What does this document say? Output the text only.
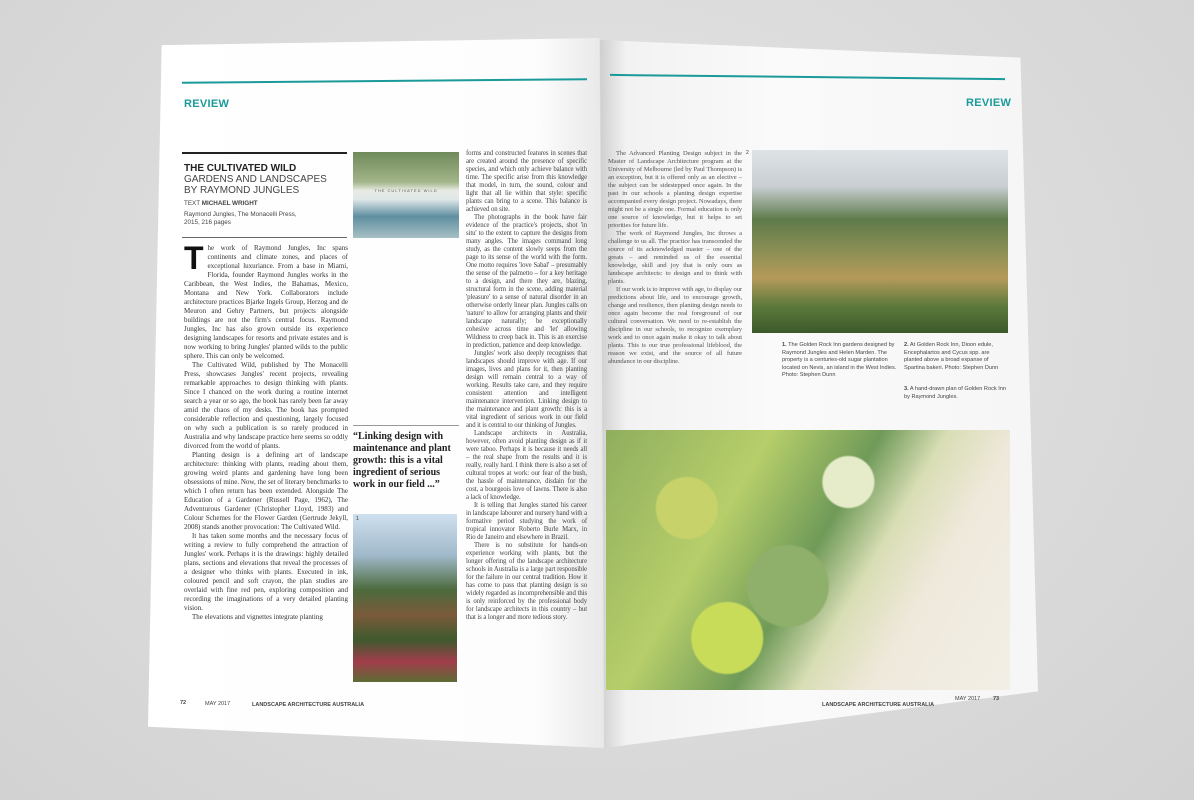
REVIEW	REVIEW
THE CULTIVATED WILD
GARDENS AND LANDSCAPES
BY RAYMOND JUNGLES
TEXT MICHAEL WRIGHT
Raymond Jungles, The Monacelli Press, 2015, 216 pages
T he work of Raymond Jungles, Inc spans continents and climate zones, and places of exceptional luxuriance. From a base in Miami, Florida, founder Raymond Jungles works in the Caribbean, the West Indies, the Bahamas, Mexico, Montana and New York. Collaborators include architecture practices Bjarke Ingels Group, Herzog and de Meuron and Gehry Partners, but projects alongside buildings are not the firm's central focus. Raymond Jungles, Inc has also grown outside its experience designing landscapes for resorts and private estates and is now working to bring Jungles' planted wilds to the public sphere. This can only be welcomed.

The Cultivated Wild, published by The Monacelli Press, showcases Jungles' recent projects, revealing remarkable approaches to design thinking with plants. Since I chanced on the work during a routine internet search a year or so ago, the book has rarely been far away amid the chaos of my desks. The book has prompted considerable reflection and questioning, largely focused on why such a publication is so rarely produced in Australia and why landscape practice here seems so oddly divorced from the world of plants.

Planting design is a defining art of landscape architecture: thinking with plants, reading about them, growing weird plants and gardening have long been obsessions of mine. Now, the set of literary benchmarks to which I often return has been extended. Alongside The Education of a Gardener (Russell Page, 1962), The Adventurous Gardener (Christopher Lloyd, 1983) and Colour Schemes for the Flower Garden (Gertrude Jekyll, 2008) stands another provocation: The Cultivated Wild.

It has taken some months and the necessary focus of writing a review to fully comprehend the attraction of Jungles' work. Perhaps it is the drawings: highly detailed plans, sections and elevations that reveal the processes of a designer who thinks with plants. Executed in ink, coloured pencil and soft crayon, the plan studies are overlaid with fine red pen, exploring composition and recording the imaginations of a very detailed planting vision.

The elevations and vignettes integrate planting

THE CULTIVATED WILD
“Linking design with maintenance and plant growth: this is a vital ingredient of serious work in our field ...”
1

forms and constructed features in scenes that are created around the presence of specific species, and which only achieve balance with time. The specific arise from this knowledge that model, in turn, the sound, colour and light that all lie within that style: specific plants can bring to a scene. This balance is achieved on site.

The photographs in the book have fair evidence of the practice's projects, shot 'in situ' to the extent to capture the designs from many angles. The images command long study, as the content slowly seeps from the page to its sense of the world with the form. One motto requires 'love Sabal' – presumably the sense of the palmetto – for a key heritage to a design, and there they are, blazing, structural form in the scene, adding material 'pleasure' to a sense of natural disorder in an otherwise orderly linear plan. Jungles calls on 'nature' to allow for arranging plants and their landscape naturally; be exceptionally cohesive across time and 'let' allowing Wildness to creep back in. This is an exercise in prediction, patience and deep knowledge.

Jungles' work also deeply recognises that landscapes should improve with age. If our images, lives and plans for it, then planting design will remain central to a way of working. Results take care, and they require consistent attention and intelligent maintenance intervention. Linking design to the maintenance and plant growth: this is a vital ingredient of serious work in our field and it is central to our thinking of Jungles.

Landscape architects in Australia, however, often avoid planting design as if it were taboo. Perhaps it is because it needs all – the real shape from the results and it is really, really hard. I think there is also a set of cultural tropes at work: our fear of the bush, the hassle of maintenance, disdain for the cost, a bourgeois love of lawns. There is also a lack of knowledge.

It is telling that Jungles started his career in landscape labourer and nursery hand with a formative period studying the work of tropical innovator Roberto Burle Marx, in Rio de Janeiro and elsewhere in Brazil.

There is no substitute for hands-on experience working with plants, but the longer offering of the landscape architecture schools in Australia is a large part responsible for the failure in our central tradition. How it has come to pass that planting design is so widely regarded as incomprehensible and this is only reinforced by the professional body for landscape architects in this country – but that is a longer and more tedious story.

72	MAY 2017	LANDSCAPE ARCHITECTURE AUSTRALIA

The Advanced Planting Design subject in the Master of Landscape Architecture program at the University of Melbourne (led by Paul Thompson) is an exception, but it is offered only as an elective – the subject can be sidestepped once again. In the past in our schools a planting design expertise accompanied every design project. Nowadays, there might not be a single one. Formal education is only one source of knowledge, but it helps to set priorities for future life.

The work of Raymond Jungles, Inc throws a challenge to us all. The practice has transcended the source of its acknowledged master – one of the greats – and reminded us of the essential knowledge, skill and joy that is only ours as landscape architects: to design and to think with plants.

If our work is to improve with age, to display our predictions about life, and to encourage growth, change and resilience, then planting design needs to once again become the real foreground of our cultural conversation. We need to re-establish the discipline in our schools, to recognize exemplary work and to once again make it okay to talk about plants. This is our true professional lifeblood, the reason we exist, and the source of all future abundance in our discipline.

2
1. The Golden Rock Inn gardens designed by Raymond Jungles and Helen Marden. The property is a centuries-old sugar plantation located on Nevis, an island in the West Indies. Photo: Stephen Dunn
2. At Golden Rock Inn, Dioon edule, Encephalartos and Cycus spp. are planted above a broad expanse of Spartina bakeri. Photo: Stephen Dunn
3. A hand-drawn plan of Golden Rock Inn by Raymond Jungles.
LANDSCAPE ARCHITECTURE AUSTRALIA
MAY 2017 73
